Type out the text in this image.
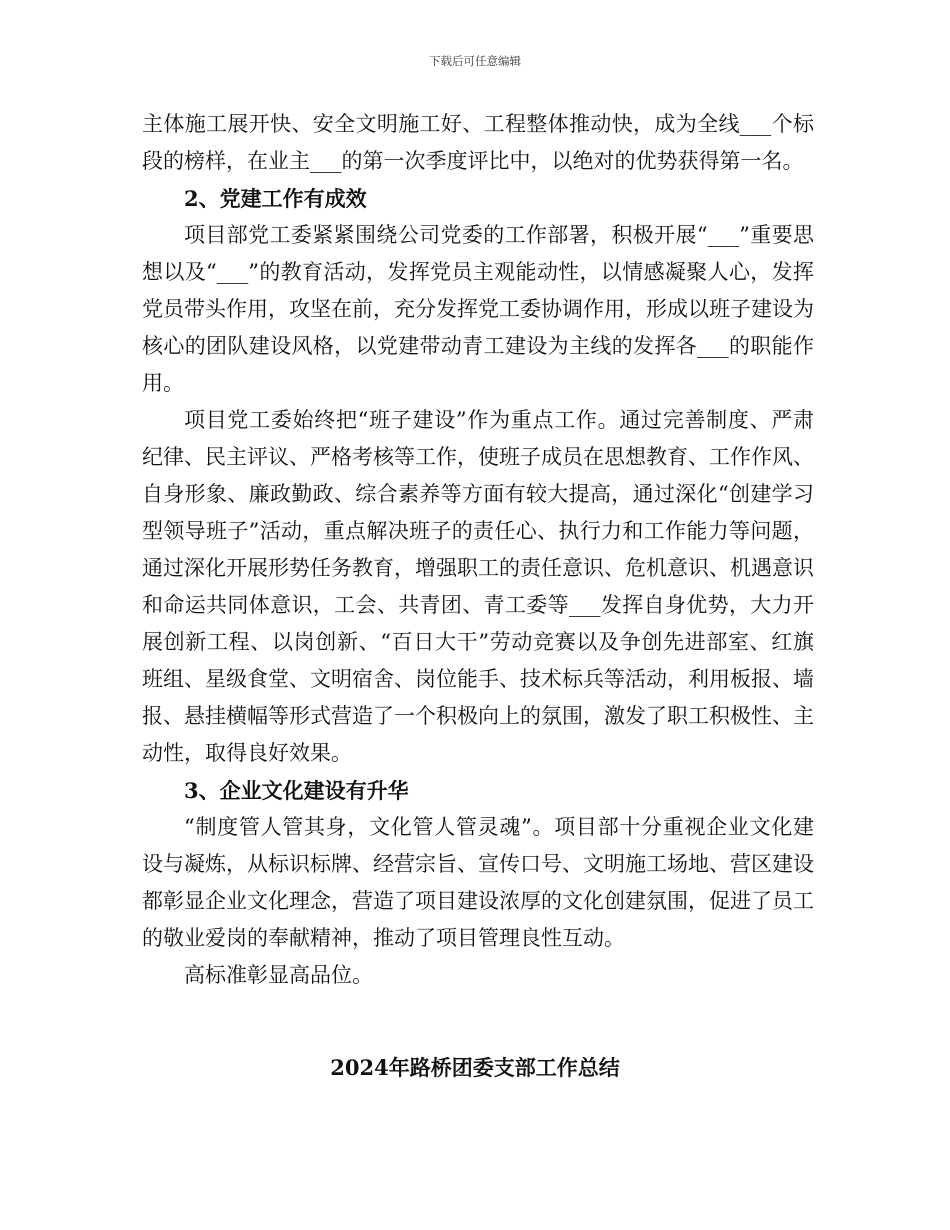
下载后可任意编辑

主体施工展开快、安全文明施工好、工程整体推动快，成为全线___个标段的榜样，在业主___的第一次季度评比中，以绝对的优势获得第一名。

2、党建工作有成效

项目部党工委紧紧围绕公司党委的工作部署，积极开展“___”重要思想以及“___”的教育活动，发挥党员主观能动性，以情感凝聚人心，发挥党员带头作用，攻坚在前，充分发挥党工委协调作用，形成以班子建设为核心的团队建设风格，以党建带动青工建设为主线的发挥各___的职能作用。

项目党工委始终把“班子建设”作为重点工作。通过完善制度、严肃纪律、民主评议、严格考核等工作，使班子成员在思想教育、工作作风、自身形象、廉政勤政、综合素养等方面有较大提高，通过深化“创建学习型领导班子”活动，重点解决班子的责任心、执行力和工作能力等问题，通过深化开展形势任务教育，增强职工的责任意识、危机意识、机遇意识和命运共同体意识，工会、共青团、青工委等___发挥自身优势，大力开展创新工程、以岗创新、“百日大干”劳动竞赛以及争创先进部室、红旗班组、星级食堂、文明宿舍、岗位能手、技术标兵等活动，利用板报、墙报、悬挂横幅等形式营造了一个积极向上的氛围，激发了职工积极性、主动性，取得良好效果。

3、企业文化建设有升华

“制度管人管其身，文化管人管灵魂”。项目部十分重视企业文化建设与凝炼，从标识标牌、经营宗旨、宣传口号、文明施工场地、营区建设都彰显企业文化理念，营造了项目建设浓厚的文化创建氛围，促进了员工的敬业爱岗的奉献精神，推动了项目管理良性互动。

高标准彰显高品位。

2024年路桥团委支部工作总结
